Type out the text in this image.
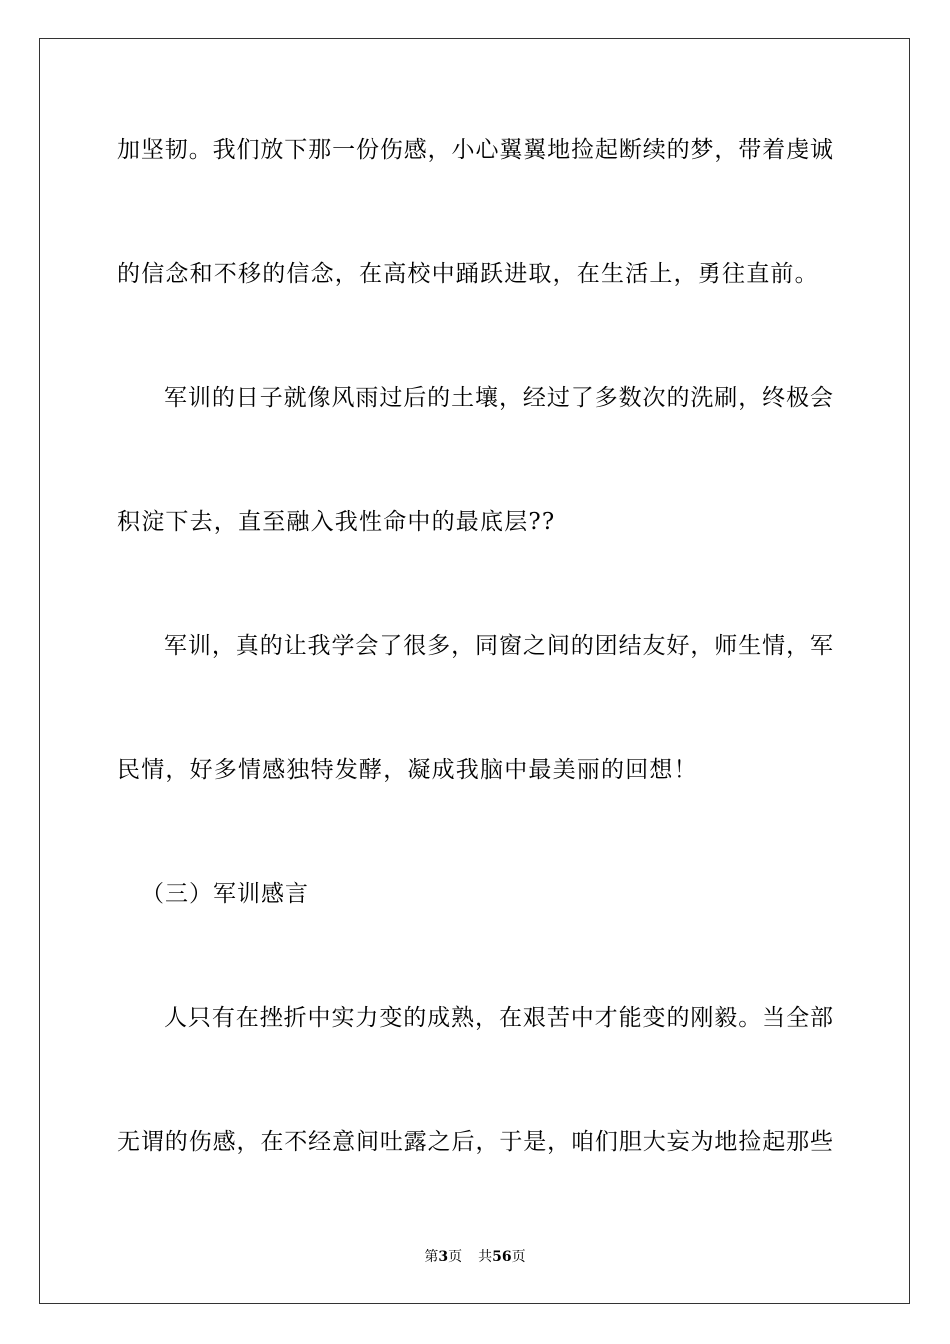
加坚韧。我们放下那一份伤感，小心翼翼地捡起断续的梦，带着虔诚
的信念和不移的信念，在高校中踊跃进取，在生活上，勇往直前。
军训的日子就像风雨过后的土壤，经过了多数次的洗刷，终极会
积淀下去，直至融入我性命中的最底层??
军训，真的让我学会了很多，同窗之间的团结友好，师生情，军
民情，好多情感独特发酵，凝成我脑中最美丽的回想！
（三）军训感言
人只有在挫折中实力变的成熟，在艰苦中才能变的刚毅。当全部
无谓的伤感，在不经意间吐露之后，于是，咱们胆大妄为地捡起那些
第3页 共56页
